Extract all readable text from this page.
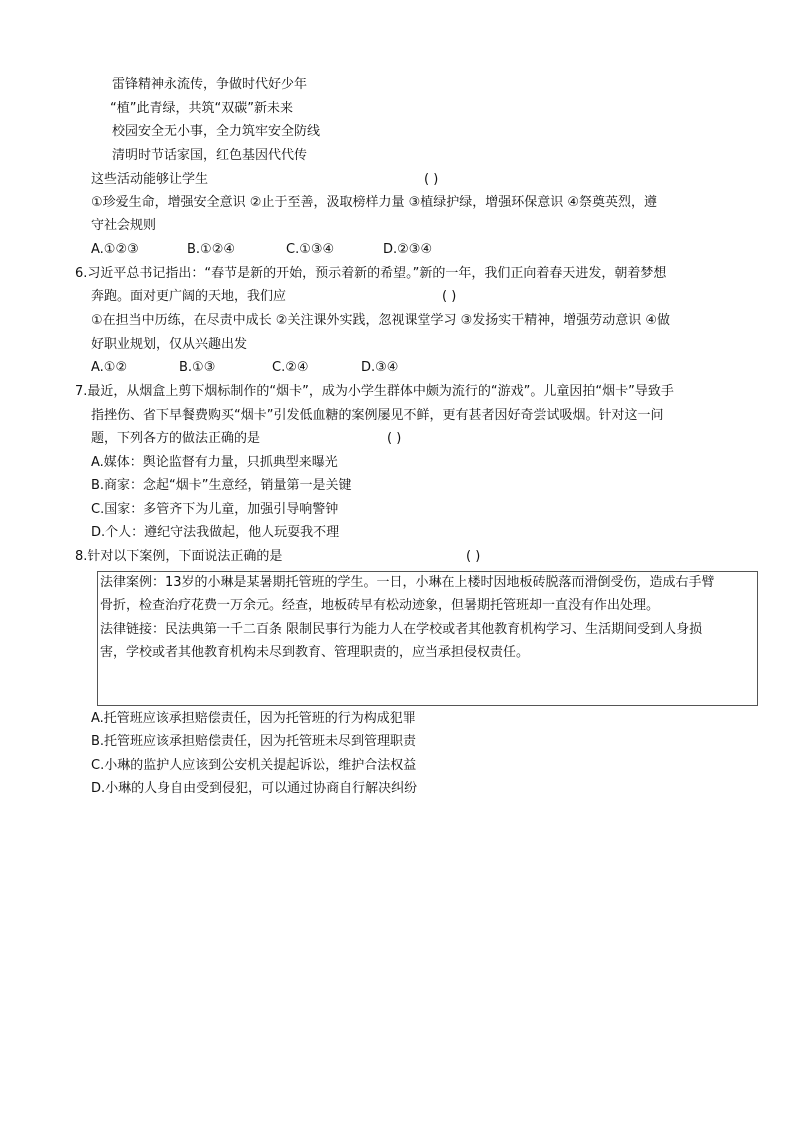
雷锋精神永流传，争做时代好少年
“植”此青绿，共筑“双碳”新未来
校园安全无小事，全力筑牢安全防线
清明时节话家国，红色基因代代传
这些活动能够让学生	( )
①珍爱生命，增强安全意识 ②止于至善，汲取榜样力量 ③植绿护绿，增强环保意识 ④祭奠英烈，遵
守社会规则
A.①②③	B.①②④	C.①③④	D.②③④
6.习近平总书记指出：“春节是新的开始，预示着新的希望。”新的一年，我们正向着春天进发，朝着梦想
奔跑。面对更广阔的天地，我们应	( )
①在担当中历练，在尽责中成长 ②关注课外实践，忽视课堂学习 ③发扬实干精神，增强劳动意识 ④做
好职业规划，仅从兴趣出发
A.①②	B.①③	C.②④	D.③④
7.最近，从烟盒上剪下烟标制作的“烟卡”，成为小学生群体中颇为流行的“游戏”。儿童因拍“烟卡”导致手
指挫伤、省下早餐费购买“烟卡”引发低血糖的案例屡见不鲜，更有甚者因好奇尝试吸烟。针对这一问
题，下列各方的做法正确的是	( )
A.媒体：舆论监督有力量，只抓典型来曝光
B.商家：念起“烟卡”生意经，销量第一是关键
C.国家：多管齐下为儿童，加强引导响警钟
D.个人：遵纪守法我做起，他人玩耍我不理
8.针对以下案例，下面说法正确的是	( )
法律案例：13岁的小琳是某暑期托管班的学生。一日，小琳在上楼时因地板砖脱落而滑倒受伤，造成右手臂
骨折，检查治疗花费一万余元。经查，地板砖早有松动迹象，但暑期托管班却一直没有作出处理。
法律链接：民法典第一千二百条 限制民事行为能力人在学校或者其他教育机构学习、生活期间受到人身损
害，学校或者其他教育机构未尽到教育、管理职责的，应当承担侵权责任。
A.托管班应该承担赔偿责任，因为托管班的行为构成犯罪
B.托管班应该承担赔偿责任，因为托管班未尽到管理职责
C.小琳的监护人应该到公安机关提起诉讼，维护合法权益
D.小琳的人身自由受到侵犯，可以通过协商自行解决纠纷
